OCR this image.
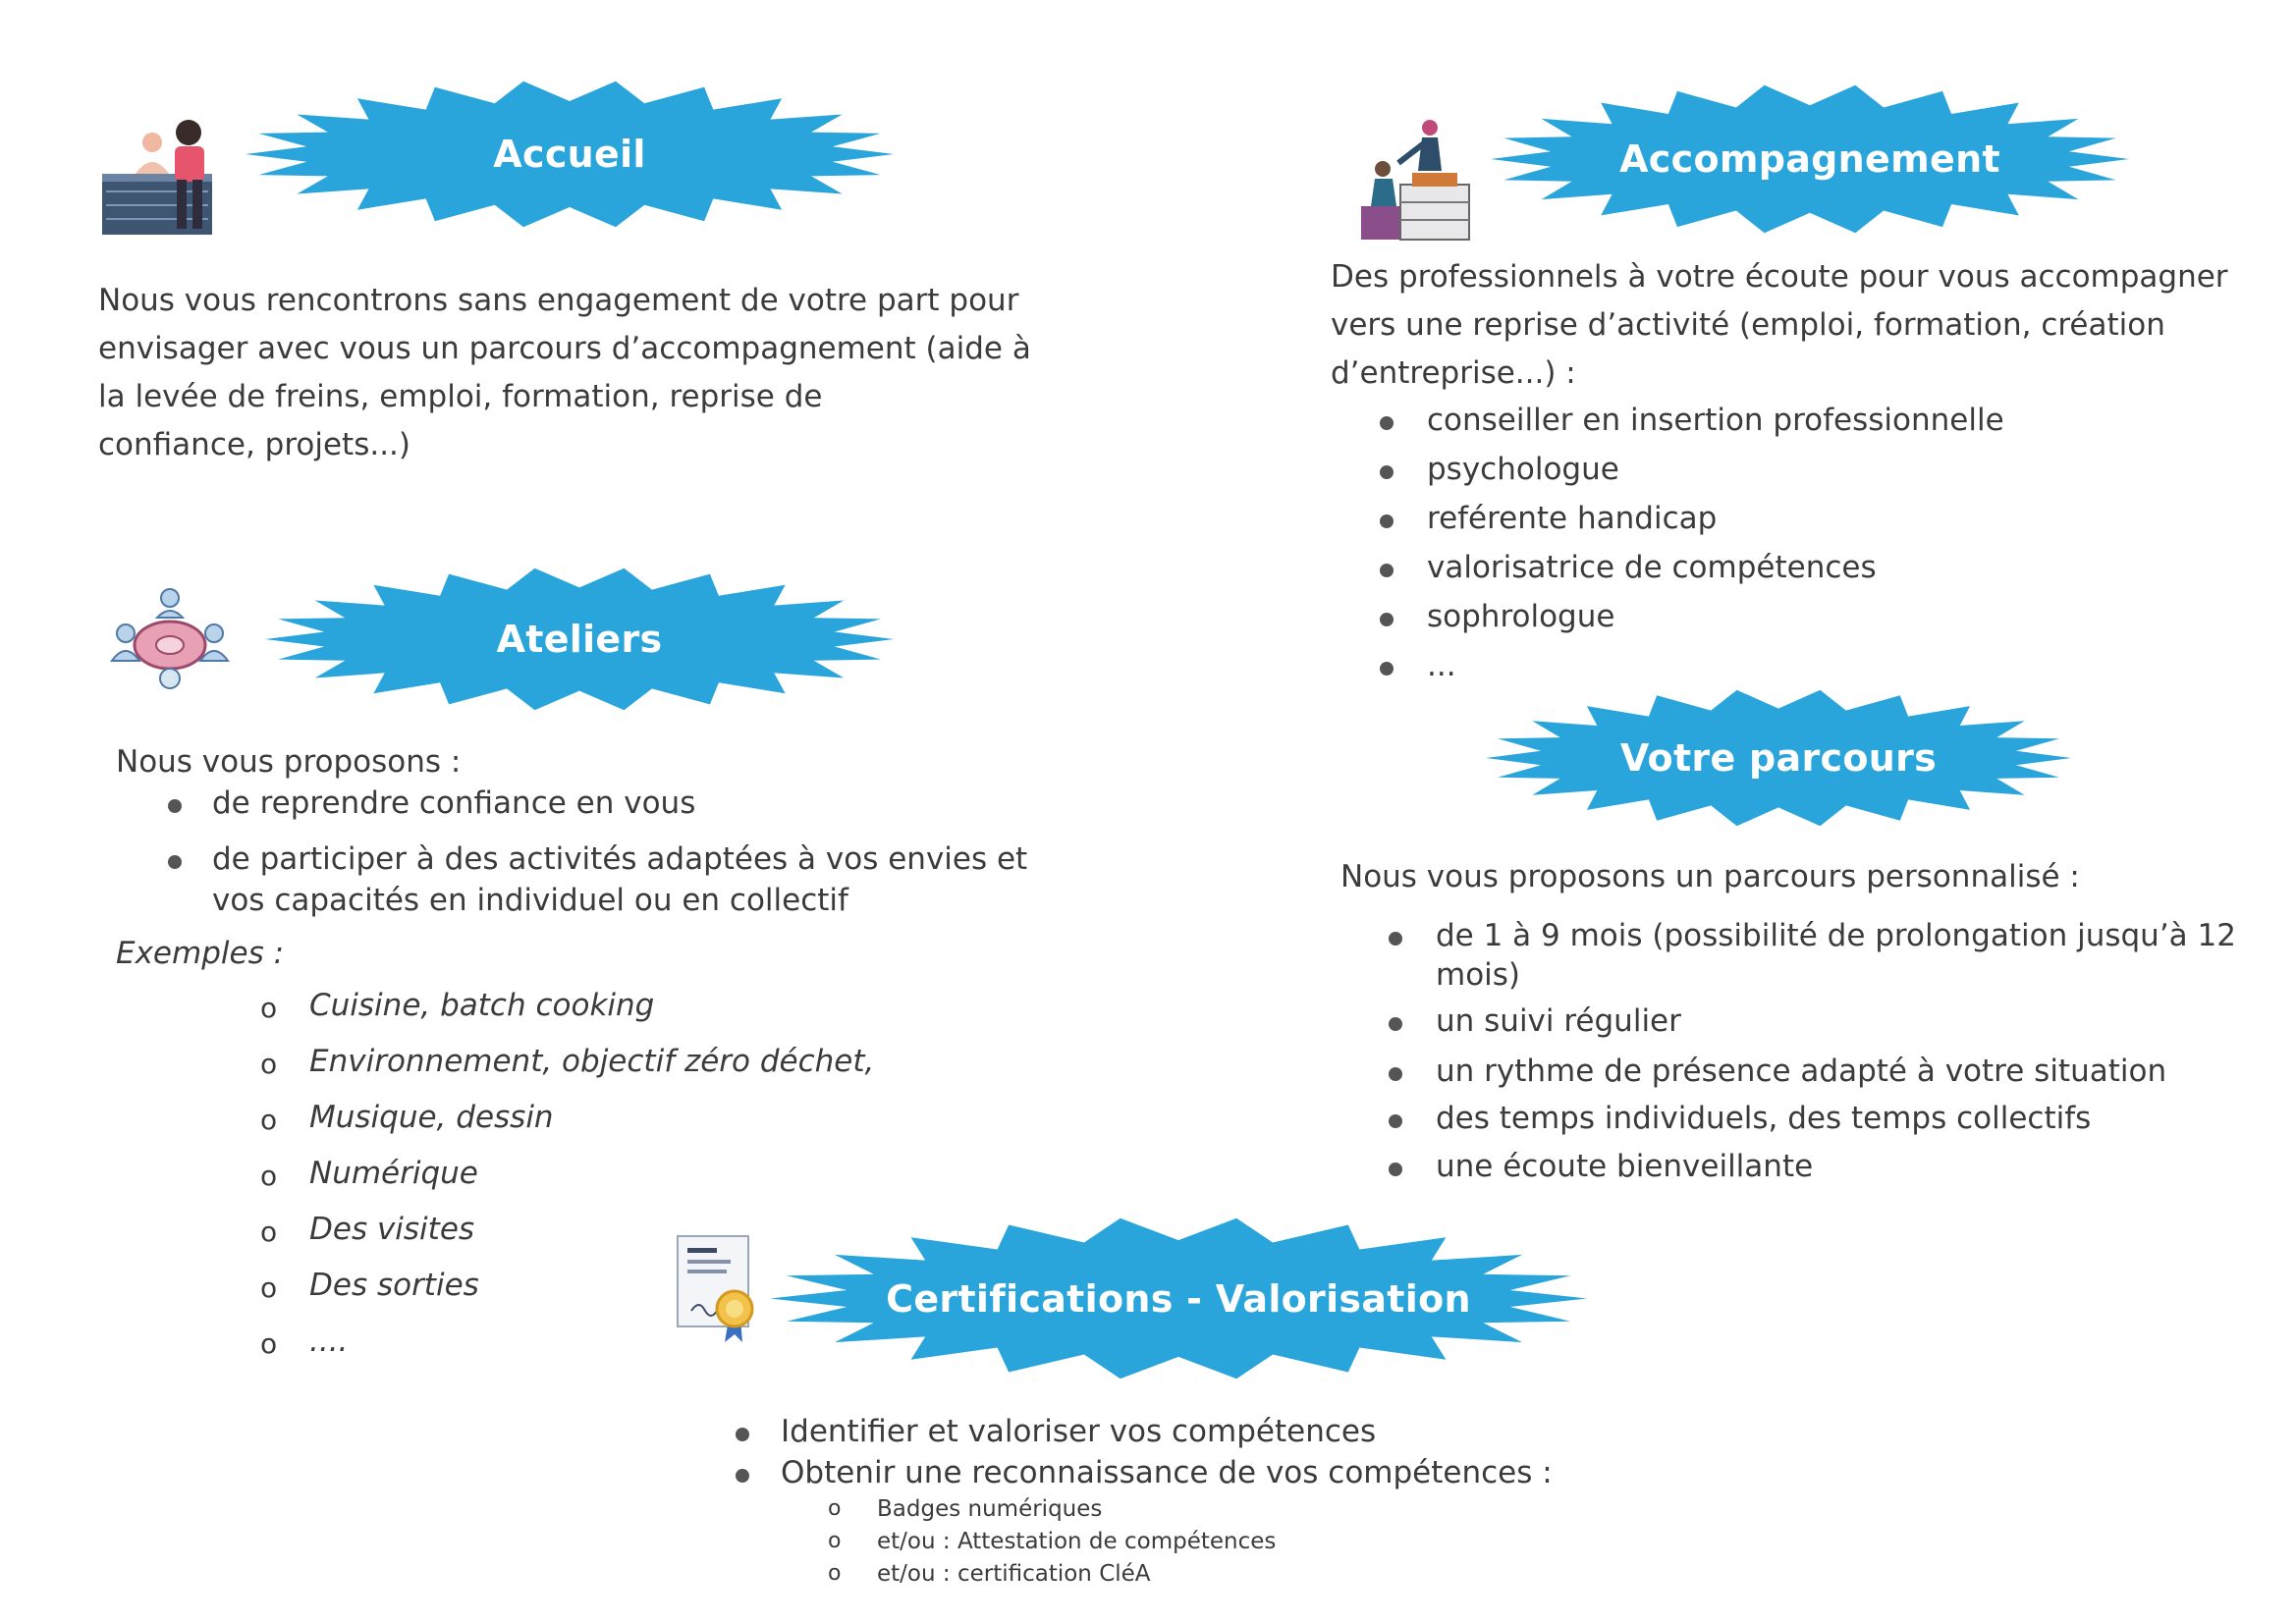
Accueil
Nous vous rencontrons sans engagement de votre part pour
envisager avec vous un parcours d’accompagnement (aide à
la levée de freins, emploi, formation, reprise de
confiance, projets...)
Accompagnement
Des professionnels à votre écoute pour vous accompagner
vers une reprise d’activité (emploi, formation, création
d’entreprise...) :
conseiller en insertion professionnelle
psychologue
reférente handicap
valorisatrice de compétences
sophrologue
...
Ateliers
Nous vous proposons :
de reprendre confiance en vous
de participer à des activités adaptées à vos envies et
vos capacités en individuel ou en collectif
Exemples :
o Cuisine, batch cooking
o Environnement, objectif zéro déchet,
o Musique, dessin
o Numérique
o Des visites
o Des sorties
o ....
Votre parcours
Nous vous proposons un parcours personnalisé :
de 1 à 9 mois (possibilité de prolongation jusqu’à 12
mois)
un suivi régulier
un rythme de présence adapté à votre situation
des temps individuels, des temps collectifs
une écoute bienveillante
Certifications - Valorisation
Identifier et valoriser vos compétences
Obtenir une reconnaissance de vos compétences :
o Badges numériques
o et/ou : Attestation de compétences
o et/ou : certification CléA
